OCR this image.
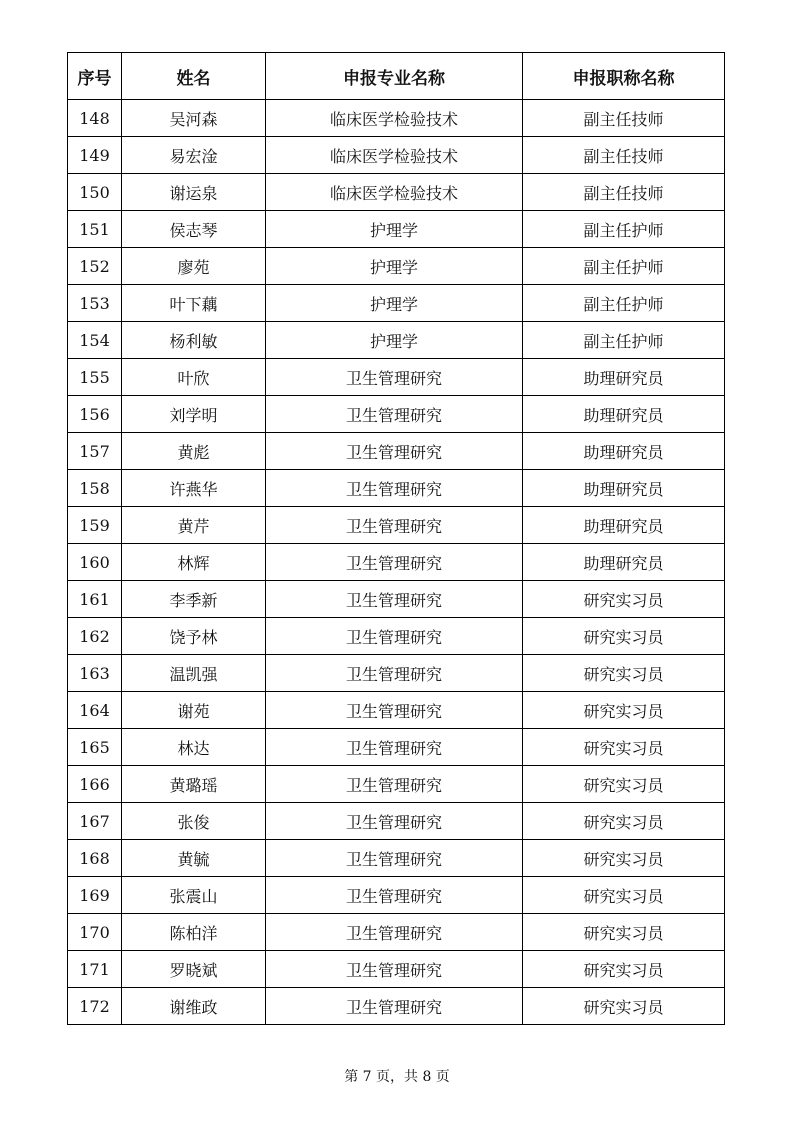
序号	姓名	申报专业名称	申报职称名称
148	吴河森	临床医学检验技术	副主任技师
149	易宏淦	临床医学检验技术	副主任技师
150	谢运泉	临床医学检验技术	副主任技师
151	侯志琴	护理学	副主任护师
152	廖苑	护理学	副主任护师
153	叶下藕	护理学	副主任护师
154	杨利敏	护理学	副主任护师
155	叶欣	卫生管理研究	助理研究员
156	刘学明	卫生管理研究	助理研究员
157	黄彪	卫生管理研究	助理研究员
158	许燕华	卫生管理研究	助理研究员
159	黄芹	卫生管理研究	助理研究员
160	林辉	卫生管理研究	助理研究员
161	李季新	卫生管理研究	研究实习员
162	饶予林	卫生管理研究	研究实习员
163	温凯强	卫生管理研究	研究实习员
164	谢苑	卫生管理研究	研究实习员
165	林达	卫生管理研究	研究实习员
166	黄璐瑶	卫生管理研究	研究实习员
167	张俊	卫生管理研究	研究实习员
168	黄毓	卫生管理研究	研究实习员
169	张震山	卫生管理研究	研究实习员
170	陈柏洋	卫生管理研究	研究实习员
171	罗晓斌	卫生管理研究	研究实习员
172	谢维政	卫生管理研究	研究实习员
第 7 页，共 8 页
